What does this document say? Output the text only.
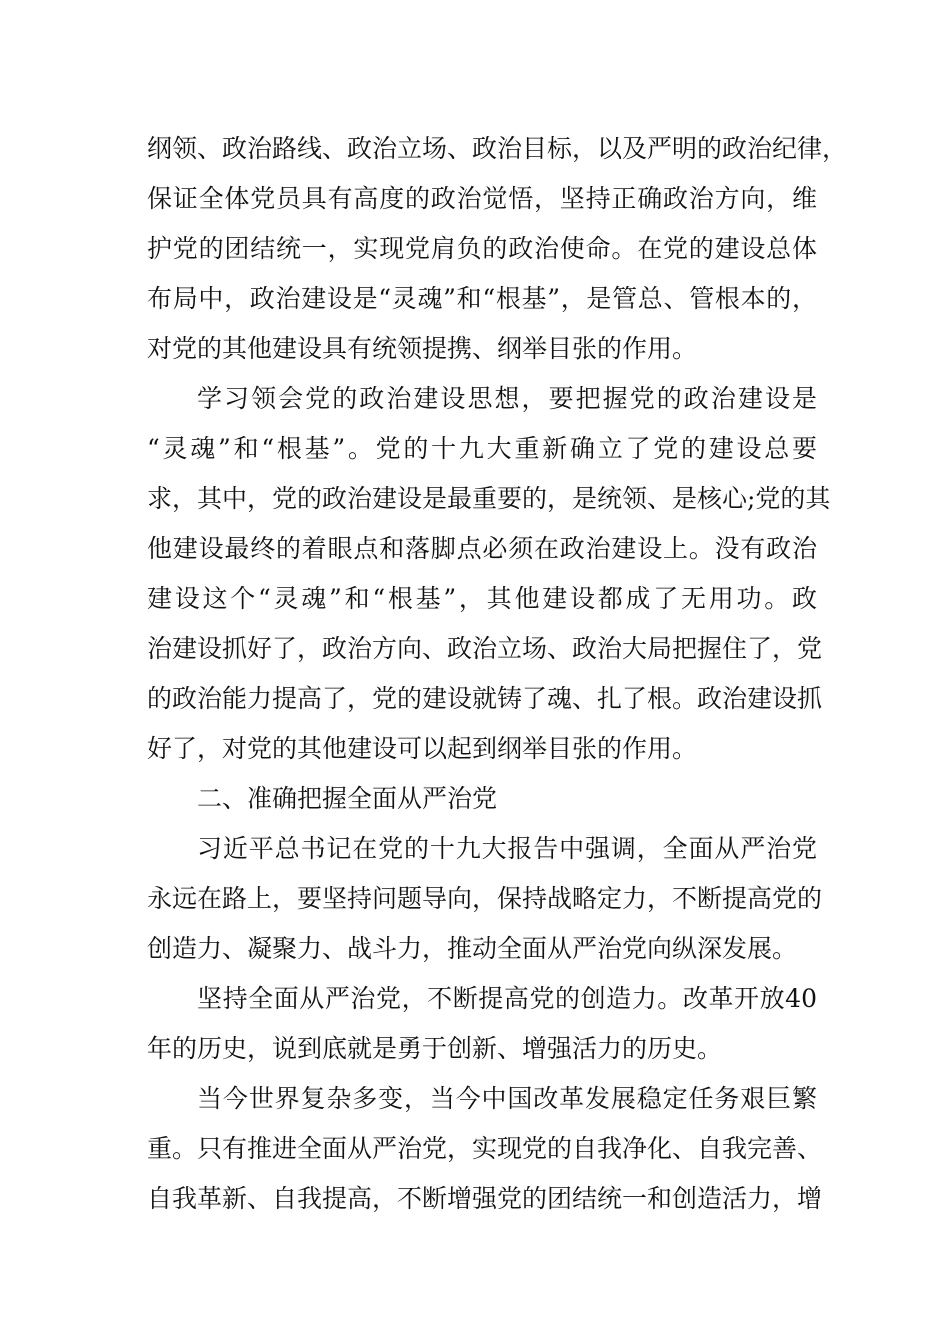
纲领、政治路线、政治立场、政治目标，以及严明的政治纪律，
保证全体党员具有高度的政治觉悟，坚持正确政治方向，维
护党的团结统一，实现党肩负的政治使命。在党的建设总体
布局中，政治建设是“灵魂”和“根基”，是管总、管根本的，
对党的其他建设具有统领提携、纲举目张的作用。
学习领会党的政治建设思想，要把握党的政治建设是
“灵魂”和“根基”。党的十九大重新确立了党的建设总要
求，其中，党的政治建设是最重要的，是统领、是核心;党的其
他建设最终的着眼点和落脚点必须在政治建设上。没有政治
建设这个“灵魂”和“根基”，其他建设都成了无用功。政
治建设抓好了，政治方向、政治立场、政治大局把握住了，党
的政治能力提高了，党的建设就铸了魂、扎了根。政治建设抓
好了，对党的其他建设可以起到纲举目张的作用。
二、准确把握全面从严治党
习近平总书记在党的十九大报告中强调，全面从严治党
永远在路上，要坚持问题导向，保持战略定力，不断提高党的
创造力、凝聚力、战斗力，推动全面从严治党向纵深发展。
坚持全面从严治党，不断提高党的创造力。改革开放40
年的历史，说到底就是勇于创新、增强活力的历史。
当今世界复杂多变，当今中国改革发展稳定任务艰巨繁
重。只有推进全面从严治党，实现党的自我净化、自我完善、
自我革新、自我提高，不断增强党的团结统一和创造活力，增
